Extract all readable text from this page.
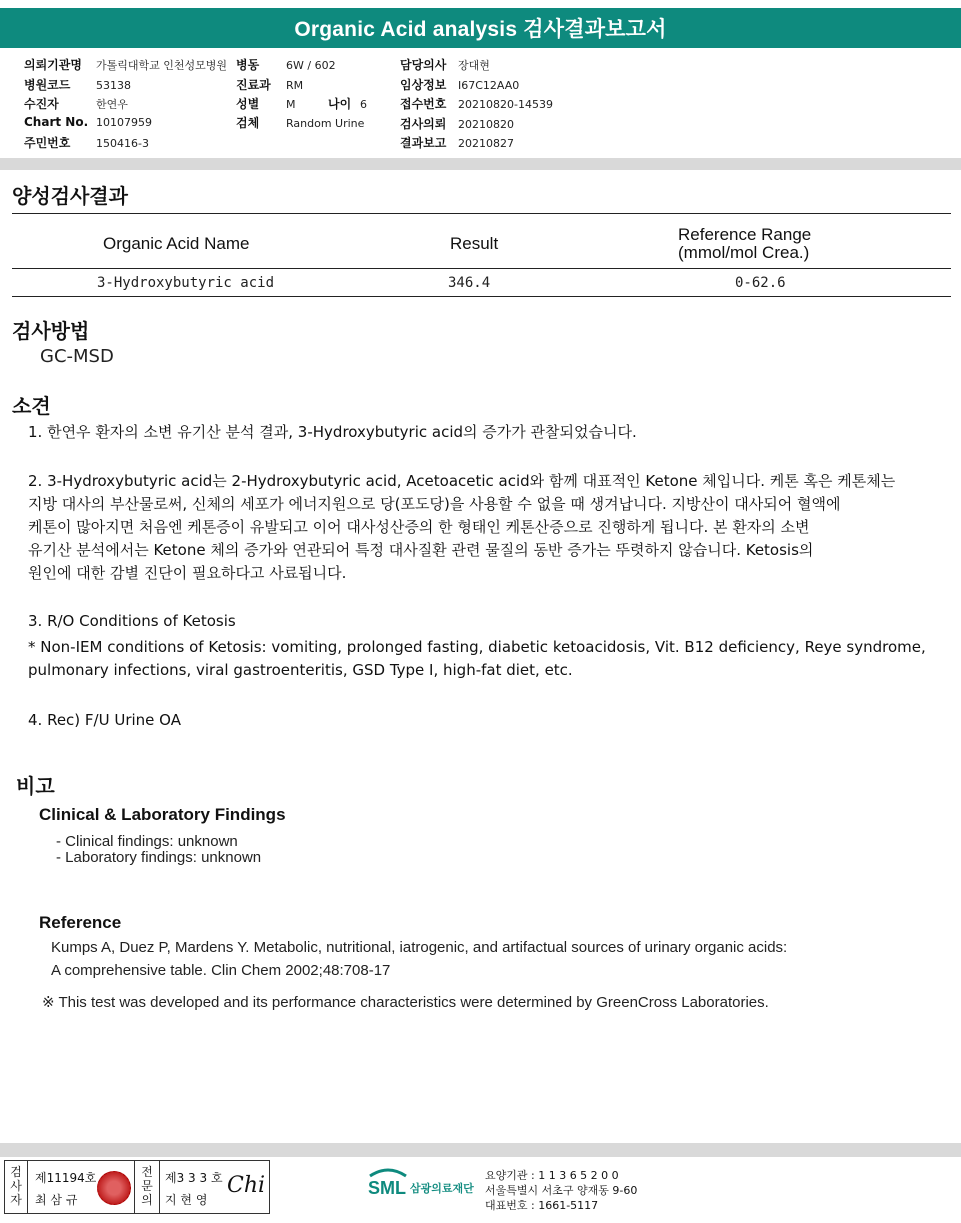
Organic Acid analysis 검사결과보고서
의뢰기관명 가톨릭대학교 인천성모병원 병동 6W / 602	담당의사 장대현
병원코드 53138	진료과 RM	임상정보 I67C12AA0
수진자	한연우	성별 M	나이 6	접수번호 20210820-14539
Chart No. 10107959	검체 Random Urine	검사의뢰 20210820
주민번호 150416-3	결과보고 20210827
양성검사결과
Organic Acid Name	Result	Reference Range
(mmol/mol Crea.)
3-Hydroxybutyric acid	346.4	0-62.6
검사방법
GC-MSD
소견
1. 한연우 환자의 소변 유기산 분석 결과, 3-Hydroxybutyric acid의 증가가 관찰되었습니다.
2. 3-Hydroxybutyric acid는 2-Hydroxybutyric acid, Acetoacetic acid와 함께 대표적인 Ketone 체입니다. 케톤 혹은 케톤체는
지방 대사의 부산물로써, 신체의 세포가 에너지원으로 당(포도당)을 사용할 수 없을 때 생겨납니다. 지방산이 대사되어 혈액에
케톤이 많아지면 처음엔 케톤증이 유발되고 이어 대사성산증의 한 형태인 케톤산증으로 진행하게 됩니다. 본 환자의 소변
유기산 분석에서는 Ketone 체의 증가와 연관되어 특정 대사질환 관련 물질의 동반 증가는 뚜렷하지 않습니다. Ketosis의
원인에 대한 감별 진단이 필요하다고 사료됩니다.
3. R/O Conditions of Ketosis
* Non-IEM conditions of Ketosis: vomiting, prolonged fasting, diabetic ketoacidosis, Vit. B12 deficiency, Reye syndrome,
pulmonary infections, viral gastroenteritis, GSD Type I, high-fat diet, etc.
4. Rec) F/U Urine OA
비고
Clinical & Laboratory Findings
- Clinical findings: unknown
- Laboratory findings: unknown
Reference
Kumps A, Duez P, Mardens Y. Metabolic, nutritional, iatrogenic, and artifactual sources of urinary organic acids:
A comprehensive table. Clin Chem 2002;48:708-17
※ This test was developed and its performance characteristics were determined by GreenCross Laboratories.
검
사
자
제11194호
최 삼 규
전
문
의
제3 3 3 호
지 현 영
Chi	SML 삼광의료재단
요양기관 : 1 1 3 6 5 2 0 0
서울특별시 서초구 양재동 9-60
대표번호 : 1661-5117
